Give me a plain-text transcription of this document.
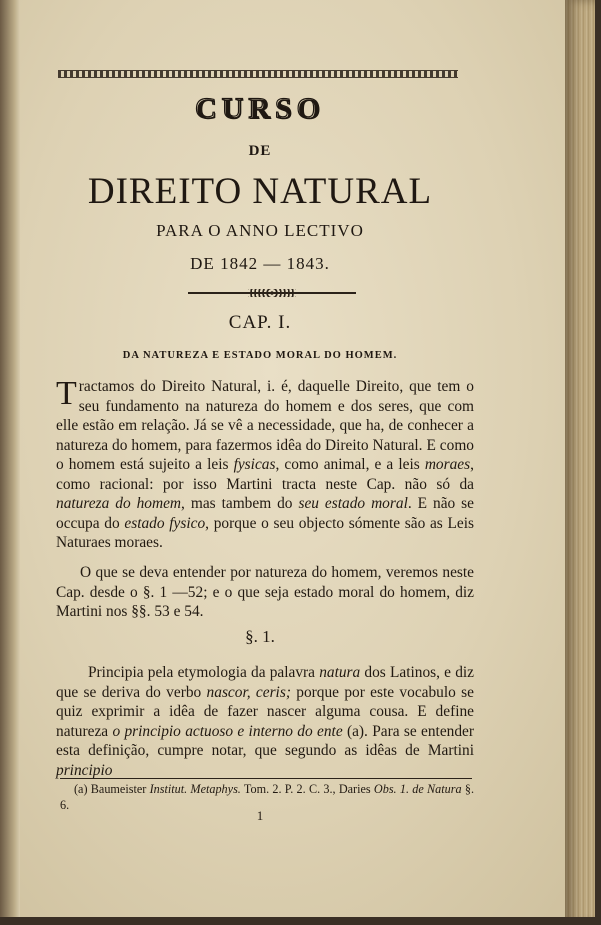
CURSO
DE
DIREITO NATURAL
PARA O ANNO LECTIVO
DE 1842 — 1843.
CAP. I.
DA NATUREZA E ESTADO MORAL DO HOMEM.
Tractamos do Direito Natural, i. é, daquelle Direito, que tem o seu fundamento na natureza do homem e dos seres, que com elle estão em relação. Já se vê a necessidade, que ha, de conhecer a natureza do homem, para fazermos idêa do Direito Natural. E como o homem está sujeito a leis fysicas, como animal, e a leis moraes, como racional: por isso Martini tracta neste Cap. não só da natureza do homem, mas tambem do seu estado moral. E não se occupa do estado fysico, porque o seu objecto sómente são as Leis Naturaes moraes.
O que se deva entender por natureza do homem, veremos neste Cap. desde o §. 1 —52; e o que seja estado moral do homem, diz Martini nos §§. 53 e 54.
§. 1.
Principia pela etymologia da palavra natura dos Latinos, e diz que se deriva do verbo nascor, ceris; porque por este vocabulo se quiz exprimir a idêa de fazer nascer alguma cousa. E define natureza o principio actuoso e interno do ente (a). Para se entender esta definição, cumpre notar, que segundo as idêas de Martini principio
(a) Baumeister Institut. Metaphys. Tom. 2. P. 2. C. 3., Daries Obs. 1. de Natura §. 6.
1
